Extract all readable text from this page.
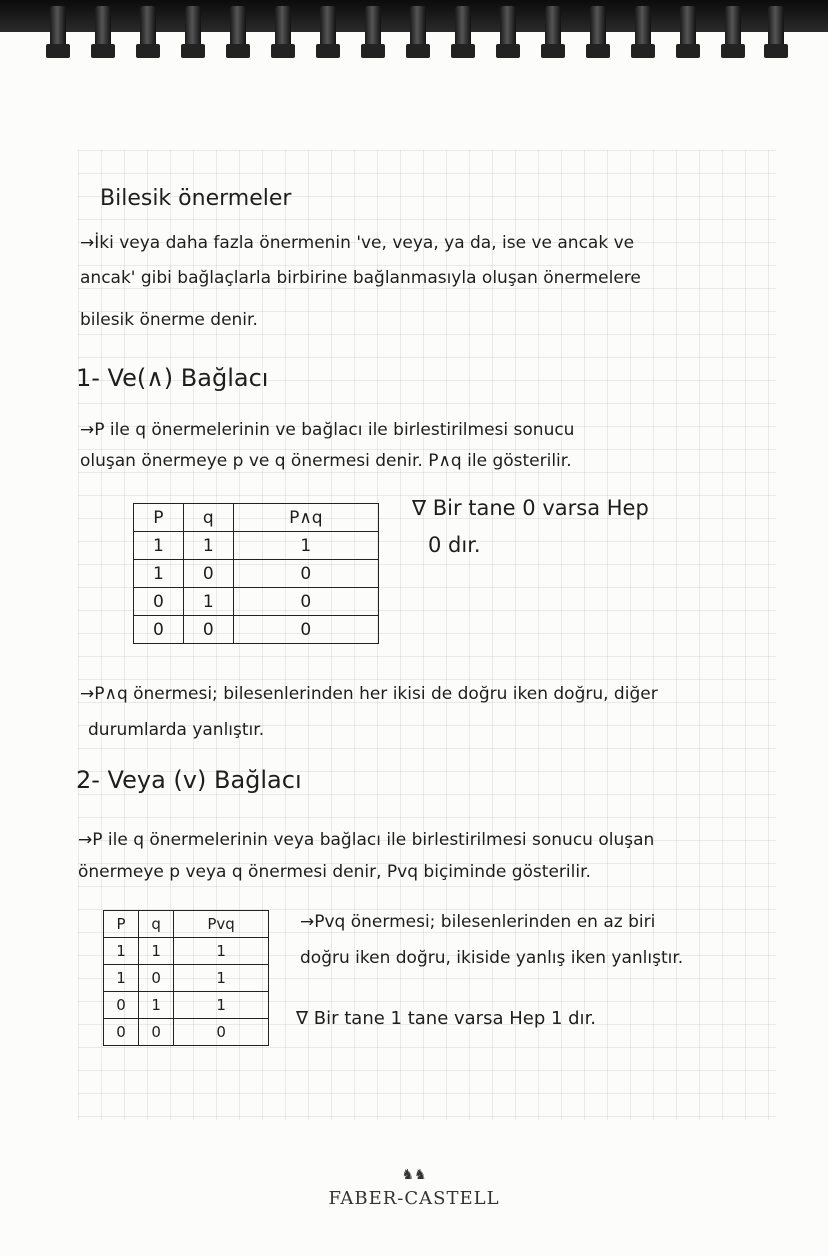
Bilesik önermeler
→İki veya daha fazla önermenin 've, veya, ya da, ise ve ancak ve
ancak' gibi bağlaçlarla birbirine bağlanmasıyla oluşan önermelere
bilesik önerme denir.
1- Ve(∧) Bağlacı
→P ile q önermelerinin ve bağlacı ile birlestirilmesi sonucu
oluşan önermeye p ve q önermesi denir. P∧q ile gösterilir.
P	q	P∧q
1	1	1
1	0	0
0	1	0
0	0	0
∇ Bir tane 0 varsa Hep
0 dır.
→P∧q önermesi; bilesenlerinden her ikisi de doğru iken doğru, diğer
durumlarda yanlıştır.
2- Veya (v) Bağlacı
→P ile q önermelerinin veya bağlacı ile birlestirilmesi sonucu oluşan
önermeye p veya q önermesi denir, Pvq biçiminde gösterilir.
P	q	Pvq
1	1	1
1	0	1
0	1	1
0	0	0
→Pvq önermesi; bilesenlerinden en az biri
doğru iken doğru, ikiside yanlış iken yanlıştır.
∇ Bir tane 1 tane varsa Hep 1 dır.
♞♞
FABER-CASTELL
